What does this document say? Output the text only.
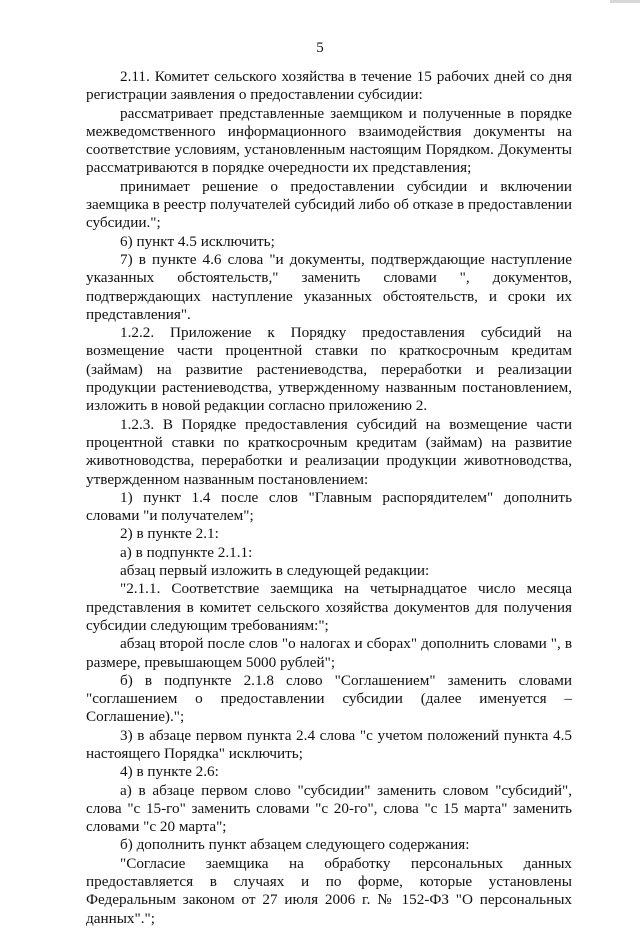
5

2.11. Комитет сельского хозяйства в течение 15 рабочих дней со дня регистрации заявления о предоставлении субсидии:

рассматривает представленные заемщиком и полученные в порядке межведомственного информационного взаимодействия документы на соответствие условиям, установленным настоящим Порядком. Документы рассматриваются в порядке очередности их представления;

принимает решение о предоставлении субсидии и включении заемщика в реестр получателей субсидий либо об отказе в предоставлении субсидии.";

6) пункт 4.5 исключить;

7) в пункте 4.6 слова "и документы, подтверждающие наступление указанных обстоятельств," заменить словами ", документов, подтверждающих наступление указанных обстоятельств, и сроки их представления".

1.2.2. Приложение к Порядку предоставления субсидий на возмещение части процентной ставки по краткосрочным кредитам (займам) на развитие растениеводства, переработки и реализации продукции растениеводства, утвержденному названным постановлением, изложить в новой редакции согласно приложению 2.

1.2.3. В Порядке предоставления субсидий на возмещение части процентной ставки по краткосрочным кредитам (займам) на развитие животноводства, переработки и реализации продукции животноводства, утвержденном названным постановлением:

1) пункт 1.4 после слов "Главным распорядителем" дополнить словами "и получателем";

2) в пункте 2.1:

а) в подпункте 2.1.1:

абзац первый изложить в следующей редакции:

"2.1.1. Соответствие заемщика на четырнадцатое число месяца представления в комитет сельского хозяйства документов для получения субсидии следующим требованиям:";

абзац второй после слов "о налогах и сборах" дополнить словами ", в размере, превышающем 5000 рублей";

б) в подпункте 2.1.8 слово "Соглашением" заменить словами "соглашением о предоставлении субсидии (далее именуется – Соглашение).";

3) в абзаце первом пункта 2.4 слова "с учетом положений пункта 4.5 настоящего Порядка" исключить;

4) в пункте 2.6:

а) в абзаце первом слово "субсидии" заменить словом "субсидий", слова "с 15-го" заменить словами "с 20-го", слова "с 15 марта" заменить словами "с 20 марта";

б) дополнить пункт абзацем следующего содержания:

"Согласие заемщика на обработку персональных данных предоставляется в случаях и по форме, которые установлены Федеральным законом от 27 июля 2006 г. № 152-ФЗ "О персональных данных".";
